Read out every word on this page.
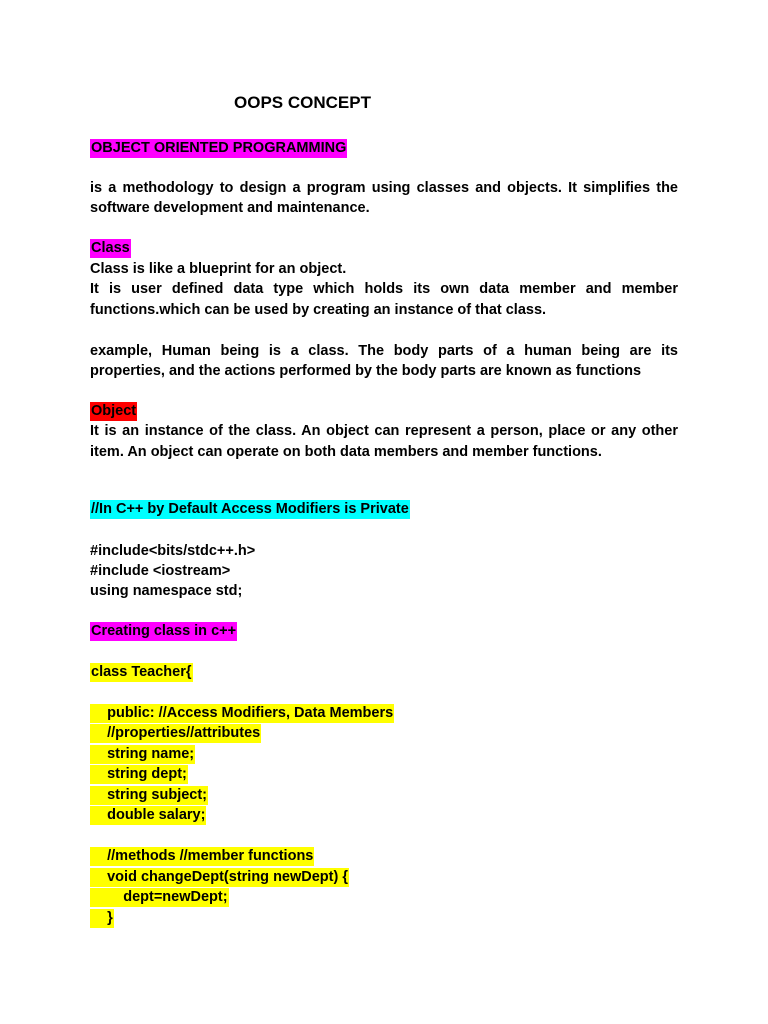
OOPS CONCEPT
OBJECT ORIENTED PROGRAMMING
is a methodology to design a program using classes and objects. It simplifies the
software development and maintenance.
Class
Class is like a blueprint for an object.
It is user defined data type which holds its own data member and member
functions.which can be used by creating an instance of that class.
example, Human being is a class. The body parts of a human being are its
properties, and the actions performed by the body parts are known as functions
Object
It is an instance of the class. An object can represent a person, place or any other
item. An object can operate on both data members and member functions.
//In C++ by Default Access Modifiers is Private
#include<bits/stdc++.h>
#include <iostream>
using namespace std;
Creating class in c++
class Teacher{
public: //Access Modifiers, Data Members
//properties//attributes
string name;
string dept;
string subject;
double salary;
//methods //member functions
void changeDept(string newDept) {
dept=newDept;
}
